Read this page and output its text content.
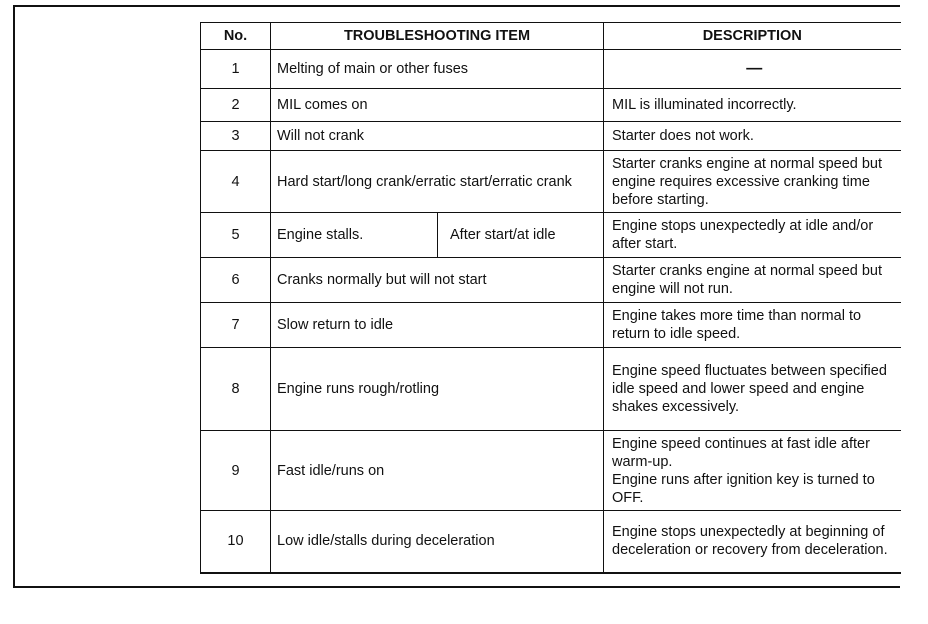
No.	TROUBLESHOOTING ITEM		DESCRIPTION
1	Melting of main or other fuses		—
2	MIL comes on		MIL is illuminated incorrectly.
3	Will not crank		Starter does not work.
4	Hard start/long crank/erratic start/erratic crank		Starter cranks engine at normal speed but engine requires excessive cranking time before starting.
5	Engine stalls.	After start/at idle	Engine stops unexpectedly at idle and/or after start.
6	Cranks normally but will not start		Starter cranks engine at normal speed but engine will not run.
7	Slow return to idle		Engine takes more time than normal to return to idle speed.
8	Engine runs rough/rotling		Engine speed fluctuates between specified idle speed and lower speed and engine shakes excessively.
9	Fast idle/runs on		Engine speed continues at fast idle after warm-up.
Engine runs after ignition key is turned to OFF.

10	Low idle/stalls during deceleration		Engine stops unexpectedly at beginning of deceleration or recovery from deceleration.
